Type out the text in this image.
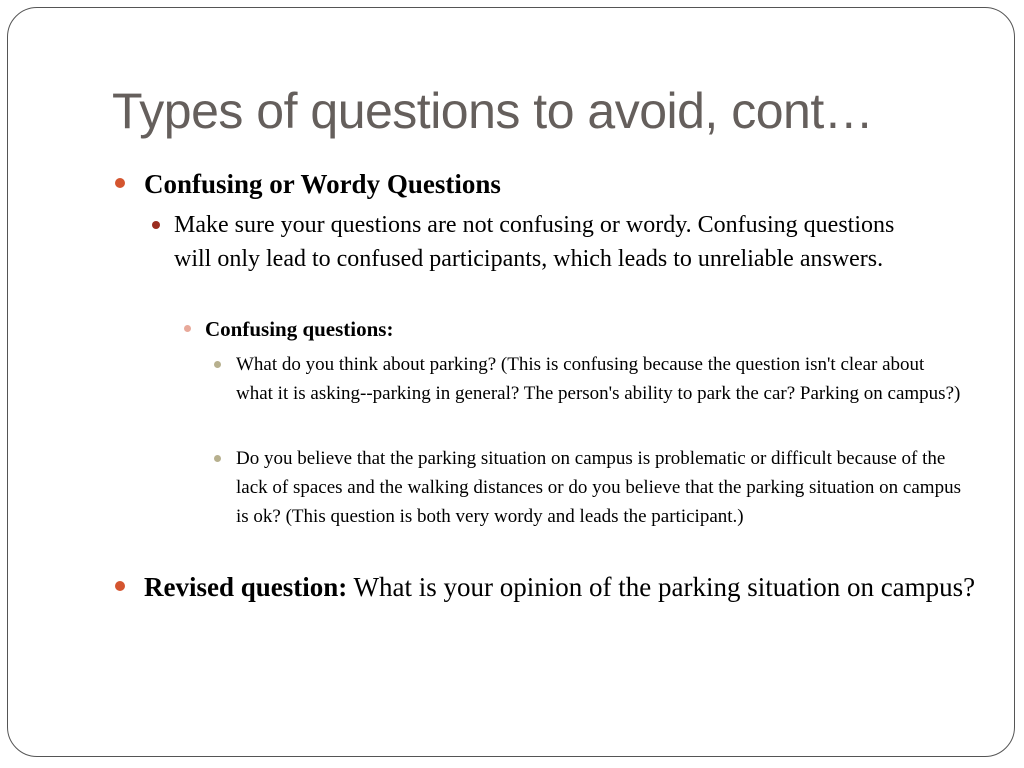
Types of questions to avoid, cont…
Confusing or Wordy Questions
Make sure your questions are not confusing or wordy. Confusing questions will only lead to confused participants, which leads to unreliable answers.
Confusing questions:
What do you think about parking? (This is confusing because the question isn't clear about what it is asking--parking in general? The person's ability to park the car? Parking on campus?)
Do you believe that the parking situation on campus is problematic or difficult because of the lack of spaces and the walking distances or do you believe that the parking situation on campus is ok? (This question is both very wordy and leads the participant.)
Revised question: What is your opinion of the parking situation on campus?
